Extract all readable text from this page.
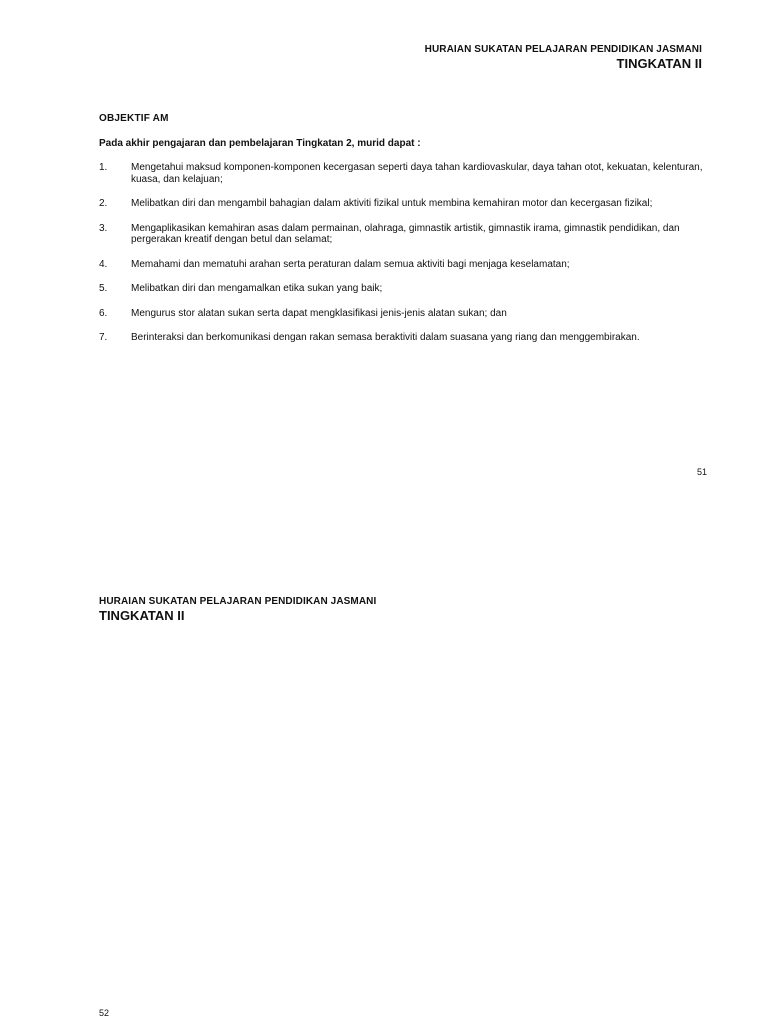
HURAIAN SUKATAN PELAJARAN PENDIDIKAN JASMANI
TINGKATAN II
OBJEKTIF AM
Pada akhir pengajaran dan pembelajaran Tingkatan 2, murid dapat :
1.	Mengetahui maksud komponen-komponen kecergasan seperti daya tahan kardiovaskular, daya tahan otot, kekuatan, kelenturan, kuasa, dan kelajuan;
2.	Melibatkan diri dan mengambil bahagian dalam aktiviti fizikal untuk membina kemahiran motor dan kecergasan fizikal;
3.	Mengaplikasikan kemahiran asas dalam permainan, olahraga, gimnastik artistik, gimnastik irama, gimnastik pendidikan, dan pergerakan kreatif dengan betul dan selamat;
4.	Memahami dan mematuhi arahan serta peraturan dalam semua aktiviti bagi menjaga keselamatan;
5.	Melibatkan diri dan mengamalkan etika sukan yang baik;
6.	Mengurus stor alatan sukan serta dapat mengklasifikasi jenis-jenis alatan sukan; dan
7.	Berinteraksi dan berkomunikasi dengan rakan semasa beraktiviti dalam suasana yang riang dan menggembirakan.
51
HURAIAN SUKATAN PELAJARAN PENDIDIKAN JASMANI
TINGKATAN II
52
